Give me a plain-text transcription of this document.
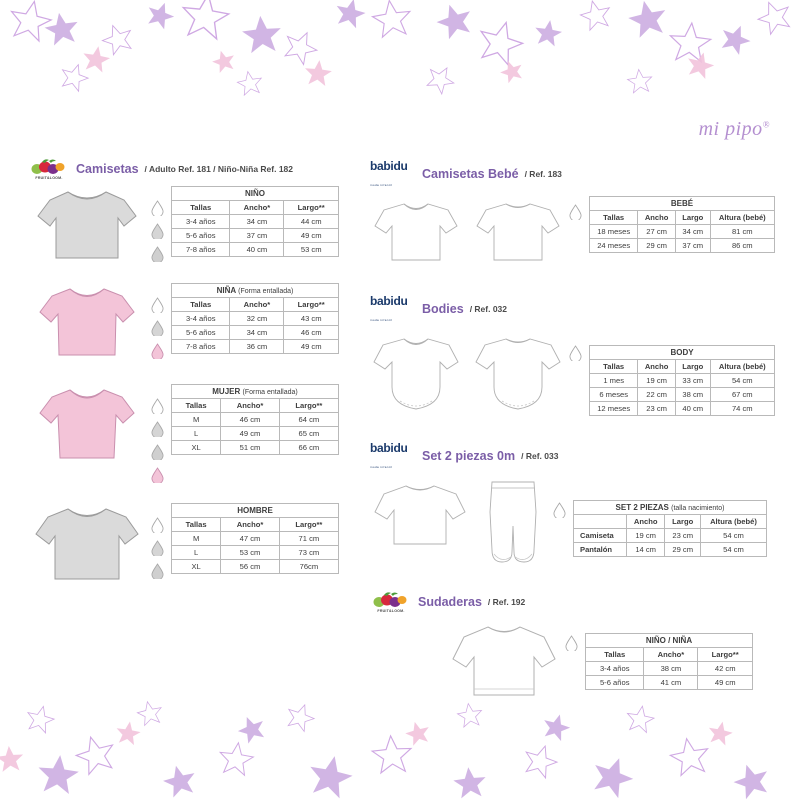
mi pipo®
FRUIT&LOOM.
Camisetas / Adulto Ref. 181 / Niño-Niña Ref. 182
NIÑO		
Tallas	Ancho*	Largo**
3-4 años	34 cm	44 cm
5-6 años	37 cm	49 cm
7-8 años	40 cm	53 cm
NIÑA (Forma entallada)		
Tallas	Ancho*	Largo**
3-4 años	32 cm	43 cm
5-6 años	34 cm	46 cm
7-8 años	36 cm	49 cm
MUJER (Forma entallada)		
Tallas	Ancho*	Largo**
M	46 cm	64 cm
L	49 cm	65 cm
XL	51 cm	66 cm
HOMBRE		
Tallas	Ancho*	Largo**
M	47 cm	71 cm
L	53 cm	73 cm
XL	56 cm	76cm
babidu
moda infantil
Camisetas Bebé / Ref. 183
BEBÉ			
Tallas	Ancho	Largo	Altura (bebé)
18 meses	27 cm	34 cm	81 cm
24 meses	29 cm	37 cm	86 cm
babidu
moda infantil
Bodies / Ref. 032
BODY			
Tallas	Ancho	Largo	Altura (bebé)
1 mes	19 cm	33 cm	54 cm
6 meses	22 cm	38 cm	67 cm
12 meses	23 cm	40 cm	74 cm
babidu
moda infantil
Set 2 piezas 0m / Ref. 033
SET 2 PIEZAS (talla nacimiento)			
	Ancho	Largo	Altura (bebé)
Camiseta	19 cm	23 cm	54 cm
Pantalón	14 cm	29 cm	54 cm
FRUIT&LOOM.
Sudaderas / Ref. 192
NIÑO / NIÑA		
Tallas	Ancho*	Largo**
3-4 años	38 cm	42 cm
5-6 años	41 cm	49 cm
